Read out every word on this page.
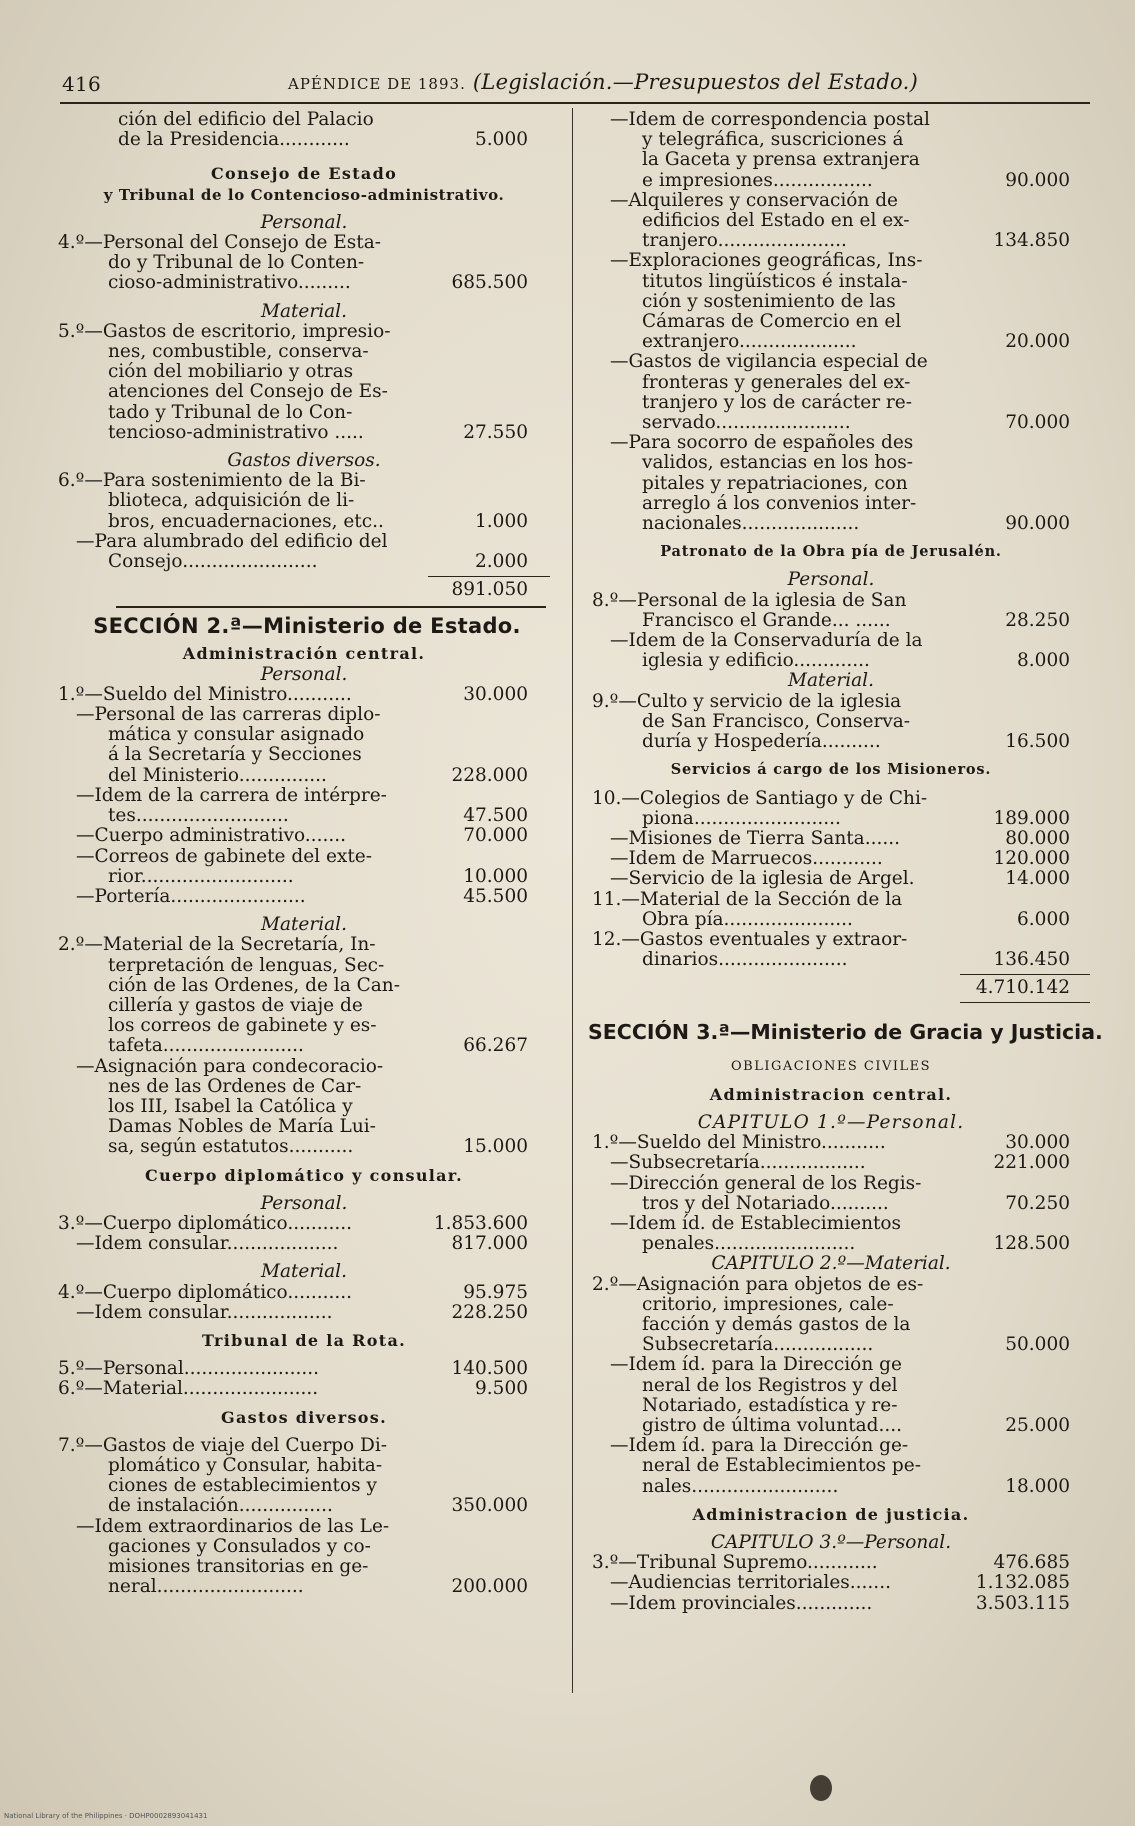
416	APÉNDICE DE 1893. (Legislación.—Presupuestos del Estado.)
ción del edificio del Palacio
de la Presidencia............	5.000
Consejo de Estado
y Tribunal de lo Contencioso-administrativo.
Personal.
4.º—Personal del Consejo de Esta-
do y Tribunal de lo Conten-
cioso-administrativo.........	685.500
Material.
5.º—Gastos de escritorio, impresio-
nes, combustible, conserva-
ción del mobiliario y otras
atenciones del Consejo de Es-
tado y Tribunal de lo Con-
tencioso-administrativo .....	27.550
Gastos diversos.
6.º—Para sostenimiento de la Bi-
blioteca, adquisición de li-
bros, encuadernaciones, etc..	1.000
—Para alumbrado del edificio del
Consejo.......................	2.000
891.050
SECCIÓN 2.ª—Ministerio de Estado.
Administración central.
Personal.
1.º—Sueldo del Ministro...........	30.000
—Personal de las carreras diplo-
mática y consular asignado
á la Secretaría y Secciones
del Ministerio...............	228.000
—Idem de la carrera de intérpre-
tes..........................	47.500
—Cuerpo administrativo.......	70.000
—Correos de gabinete del exte-
rior..........................	10.000
—Portería.......................	45.500
Material.
2.º—Material de la Secretaría, In-
terpretación de lenguas, Sec-
ción de las Ordenes, de la Can-
cillería y gastos de viaje de
los correos de gabinete y es-
tafeta........................	66.267
—Asignación para condecoracio-
nes de las Ordenes de Car-
los III, Isabel la Católica y
Damas Nobles de María Lui-
sa, según estatutos...........	15.000
Cuerpo diplomático y consular.
Personal.
3.º—Cuerpo diplomático...........	1.853.600
—Idem consular...................	817.000
Material.
4.º—Cuerpo diplomático...........	95.975
—Idem consular..................	228.250
Tribunal de la Rota.
5.º—Personal.......................	140.500
6.º—Material.......................	9.500
Gastos diversos.
7.º—Gastos de viaje del Cuerpo Di-
plomático y Consular, habita-
ciones de establecimientos y
de instalación................	350.000
—Idem extraordinarios de las Le-
gaciones y Consulados y co-
misiones transitorias en ge-
neral.........................	200.000
—Idem de correspondencia postal
y telegráfica, suscriciones á
la Gaceta y prensa extranjera
e impresiones.................	90.000
—Alquileres y conservación de
edificios del Estado en el ex-
tranjero......................	134.850
—Exploraciones geográficas, Ins-
titutos lingüísticos é instala-
ción y sostenimiento de las
Cámaras de Comercio en el
extranjero....................	20.000
—Gastos de vigilancia especial de
fronteras y generales del ex-
tranjero y los de carácter re-
servado.......................	70.000
—Para socorro de españoles des
validos, estancias en los hos-
pitales y repatriaciones, con
arreglo á los convenios inter-
nacionales....................	90.000
Patronato de la Obra pía de Jerusalén.
Personal.
8.º—Personal de la iglesia de San
Francisco el Grande... ......	28.250
—Idem de la Conservaduría de la
iglesia y edificio.............	8.000
Material.
9.º—Culto y servicio de la iglesia
de San Francisco, Conserva-
duría y Hospedería..........	16.500
Servicios á cargo de los Misioneros.
10.—Colegios de Santiago y de Chi-
piona.........................	189.000
—Misiones de Tierra Santa......	80.000
—Idem de Marruecos............	120.000
—Servicio de la iglesia de Argel.	14.000
11.—Material de la Sección de la
Obra pía......................	6.000
12.—Gastos eventuales y extraor-
dinarios......................	136.450
4.710.142
SECCIÓN 3.ª—Ministerio de Gracia y Justicia.
OBLIGACIONES CIVILES
Administracion central.
CAPITULO 1.º—Personal.
1.º—Sueldo del Ministro...........	30.000
—Subsecretaría..................	221.000
—Dirección general de los Regis-
tros y del Notariado..........	70.250
—Idem íd. de Establecimientos
penales........................	128.500
CAPITULO 2.º—Material.
2.º—Asignación para objetos de es-
critorio, impresiones, cale-
facción y demás gastos de la
Subsecretaría.................	50.000
—Idem íd. para la Dirección ge
neral de los Registros y del
Notariado, estadística y re-
gistro de última voluntad....	25.000
—Idem íd. para la Dirección ge-
neral de Establecimientos pe-
nales.........................	18.000
Administracion de justicia.
CAPITULO 3.º—Personal.
3.º—Tribunal Supremo............	476.685
—Audiencias territoriales.......	1.132.085
—Idem provinciales.............	3.503.115
National Library of the Philippines · DOHP0002893041431
